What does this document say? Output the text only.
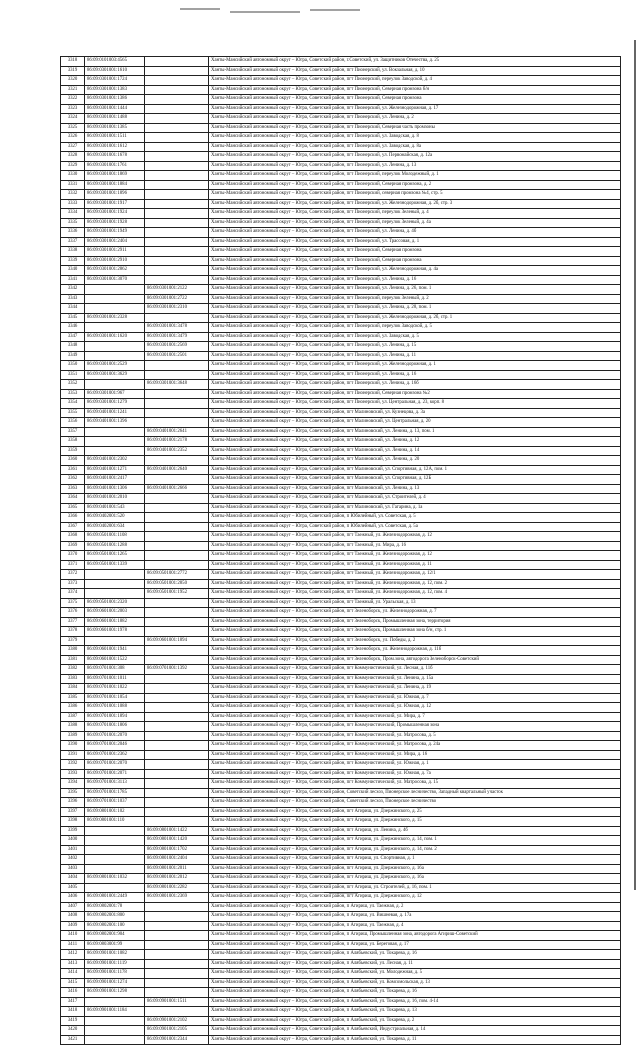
3318	86:09:0101003:4565		Ханты-Мансийский автономный округ – Югра, Советский район, г.Советский, ул. Защитников Отечества, д. 25
3319	86:09:0301001:1610		Ханты-Мансийский автономный округ – Югра, Советский район, пгт Пионерский, ул. Вокзальная, д. 10
3320	86:09:0301001:1724		Ханты-Мансийский автономный округ – Югра, Советский район, пгт Пионерский, переулок Заводской, д. 4
3321	86:09:0301001:1383		Ханты-Мансийский автономный округ – Югра, Советский район, пгт Пионерский, Северная промзона б/н
3322	86:09:0301001:1386		Ханты-Мансийский автономный округ – Югра, Советский район, пгт Пионерский, Северная промзона
3323	86:09:0301001:1444		Ханты-Мансийский автономный округ – Югра, Советский район, пгт Пионерский, ул. Железнодорожная, д. 17
3324	86:09:0301001:1488		Ханты-Мансийский автономный округ – Югра, Советский район, пгт Пионерский, ул. Ленина, д. 2
3325	86:09:0301001:1385		Ханты-Мансийский автономный округ – Югра, Советский район, пгт Пионерский, Северная часть промзоны
3326	86:09:0301001:1511		Ханты-Мансийский автономный округ – Югра, Советский район, пгт Пионерский, ул. Заводская, д. 8
3327	86:09:0301001:1612		Ханты-Мансийский автономный округ – Югра, Советский район, пгт Пионерский, ул. Заводская, д. 8а
3328	86:09:0301001:1678		Ханты-Мансийский автономный округ – Югра, Советский район, пгт Пионерский, ул. Первомайская, д. 12а
3329	86:09:0301001:1761		Ханты-Мансийский автономный округ – Югра, Советский район, пгт Пионерский, ул. Ленина, д. 13
3330	86:09:0301001:1869		Ханты-Мансийский автономный округ – Югра, Советский район, пгт Пионерский, переулок Молодежный, д. 1
3331	86:09:0301001:1884		Ханты-Мансийский автономный округ – Югра, Советский район, пгт Пионерский, Северная промзона, д. 2
3332	86:09:0301001:1896		Ханты-Мансийский автономный округ – Югра, Советский район, пгт Пионерский, северная промзона №4, стр. 5
3333	86:09:0301001:1917		Ханты-Мансийский автономный округ – Югра, Советский район, пгт Пионерский, ул. Железнодорожная, д. 2б, стр. 3
3334	86:09:0301001:1924		Ханты-Мансийский автономный округ – Югра, Советский район, пгт Пионерский, переулок Зеленый, д. 4
3335	86:09:0301001:1928		Ханты-Мансийский автономный округ – Югра, Советский район, пгт Пионерский, переулок Зеленый, д. 4а
3336	86:09:0301001:1949		Ханты-Мансийский автономный округ – Югра, Советский район, пгт Пионерский, ул. Ленина, д. 4б
3337	86:09:0301001:2404		Ханты-Мансийский автономный округ – Югра, Советский район, пгт Пионерский, ул. Трассовая, д. 1
3338	86:09:0301001:2911		Ханты-Мансийский автономный округ – Югра, Советский район, пгт Пионерский, Северная промзона
3339	86:09:0301001:2910		Ханты-Мансийский автономный округ – Югра, Советский район, пгт Пионерский, Северная промзона
3340	86:09:0301001:2862		Ханты-Мансийский автономный округ – Югра, Советский район, пгт Пионерский, ул. Железнодорожная, д. 4а
3341	86:09:0301001:3070		Ханты-Мансийский автономный округ – Югра, Советский район, пгт Пионерский, ул. Ленина, д. 16
3342		86:09:0301001:2122	Ханты-Мансийский автономный округ – Югра, Советский район, пгт Пионерский, ул. Ленина, д. 26, пом. 1
3343		86:09:0301001:2722	Ханты-Мансийский автономный округ – Югра, Советский район, пгт Пионерский, переулок Зеленый, д. 2
3344		86:09:0301001:2310	Ханты-Мансийский автономный округ – Югра, Советский район, пгт Пионерский, ул. Ленина, д. 28, пом. 1
3345	86:09:0301001:2328		Ханты-Мансийский автономный округ – Югра, Советский район, пгт Пионерский, ул. Железнодорожная, д. 2б, стр. 1
3346		86:09:0301001:3478	Ханты-Мансийский автономный округ – Югра, Советский район, пгт Пионерский, переулок Заводской, д. 5
3347	86:09:0301001:1620	86:09:0301001:3479	Ханты-Мансийский автономный округ – Югра, Советский район, пгт Пионерский, ул. Заводская, д. 5
3348		86:09:0301001:2569	Ханты-Мансийский автономный округ – Югра, Советский район, пгт Пионерский, ул. Ленина, д. 15
3349		86:09:0301001:2501	Ханты-Мансийский автономный округ – Югра, Советский район, пгт Пионерский, ул. Ленина, д. 11
3350	86:09:0301001:2529		Ханты-Мансийский автономный округ – Югра, Советский район, пгт Пионерский, ул. Железнодорожная, д. 1
3351	86:09:0301001:3629		Ханты-Мансийский автономный округ – Югра, Советский район, пгт Пионерский, ул. Ленина, д. 16
3352		86:09:0301001:3648	Ханты-Мансийский автономный округ – Югра, Советский район, пгт Пионерский, ул. Ленина, д. 16б
3353	86:09:0301001:967		Ханты-Мансийский автономный округ – Югра, Советский район, пгт Пионерский, Северная промзона №2
3354	86:09:0301001:1279		Ханты-Мансийский автономный округ – Югра, Советский район, пгт Пионерский, ул. Центральная, д. 23, корп. 8
3355	86:09:0401001:1241		Ханты-Мансийский автономный округ – Югра, Советский район, пгт Малиновский, ул. Кузнецова, д. 3а
3356	86:09:0401001:1396		Ханты-Мансийский автономный округ – Югра, Советский район, пгт Малиновский, ул. Центральная, д. 20
3357		86:09:0401001:2641	Ханты-Мансийский автономный округ – Югра, Советский район, пгт Малиновский, ул. Ленина, д. 13, пом. 1
3358		86:09:0401001:2178	Ханты-Мансийский автономный округ – Югра, Советский район, пгт Малиновский, ул. Ленина, д. 12
3359		86:09:0401001:2352	Ханты-Мансийский автономный округ – Югра, Советский район, пгт Малиновский, ул. Ленина, д. 14
3360	86:09:0401001:2302		Ханты-Мансийский автономный округ – Югра, Советский район, пгт Малиновский, ул. Ленина, д. 20
3361	86:09:0401001:1271	86:09:0401001:2640	Ханты-Мансийский автономный округ – Югра, Советский район, пгт Малиновский, ул. Спортивная, д. 12А, пом. 1
3362	86:09:0401001:2417		Ханты-Мансийский автономный округ – Югра, Советский район, пгт Малиновский, ул. Спортивная, д. 12Б
3363	86:09:0401001:1306	86:09:0401001:2666	Ханты-Мансийский автономный округ – Югра, Советский район, пгт Малиновский, ул. Ленина, д. 13
3364	86:09:0401001:2010		Ханты-Мансийский автономный округ – Югра, Советский район, пгт Малиновский, ул. Строителей, д. 4
3365	86:09:0401001:543		Ханты-Мансийский автономный округ – Югра, Советский район, пгт Малиновский, ул. Гагарина, д. 1а
3366	86:09:0402001:520		Ханты-Мансийский автономный округ – Югра, Советский район, п Юбилейный, ул. Советская, д. 5
3367	86:09:0402001:634		Ханты-Мансийский автономный округ – Югра, Советский район, п Юбилейный, ул. Советская, д. 5а
3368	86:09:0501001:1108		Ханты-Мансийский автономный округ – Югра, Советский район, пгт Таежный, ул. Железнодорожная, д. 12
3369	86:09:0501001:1288		Ханты-Мансийский автономный округ – Югра, Советский район, пгт Таежный, ул. Мира, д. 16
3370	86:09:0501001:1265		Ханты-Мансийский автономный округ – Югра, Советский район, пгт Таежный, ул. Железнодорожная, д. 12
3371	86:09:0501001:1339		Ханты-Мансийский автономный округ – Югра, Советский район, пгт Таежный, ул. Железнодорожная, д. 11
3372		86:09:0501001:2772	Ханты-Мансийский автономный округ – Югра, Советский район, пгт Таежный, ул. Железнодорожная, д. 12/1
3373		86:09:0501001:2850	Ханты-Мансийский автономный округ – Югра, Советский район, пгт Таежный, ул. Железнодорожная, д. 12, пом. 2
3374		86:09:0501001:1952	Ханты-Мансийский автономный округ – Югра, Советский район, пгт Таежный, ул. Железнодорожная, д. 12, пом. 4
3375	86:09:0501001:2320		Ханты-Мансийский автономный округ – Югра, Советский район, пгт Таежный, ул. Уральская, д. 13
3376	86:09:0601001:2003		Ханты-Мансийский автономный округ – Югра, Советский район, пгт Зеленоборск, ул. Железнодорожная, д. 7
3377	86:09:0601001:1882		Ханты-Мансийский автономный округ – Югра, Советский район, пгт Зеленоборск, Промышленная зона, территория
3378	86:09:0601001:1978		Ханты-Мансийский автономный округ – Югра, Советский район, пгт Зеленоборск, Промышленная зона б/н, стр. 1
3379		86:09:0601001:1894	Ханты-Мансийский автономный округ – Югра, Советский район, пгт Зеленоборск, ул. Победы, д. 2
3380	86:09:0601001:1941		Ханты-Мансийский автономный округ – Югра, Советский район, пгт Зеленоборск, ул. Железнодорожная, д. 11б
3381	86:09:0601001:1522		Ханты-Мансийский автономный округ – Югра, Советский район, пгт Зеленоборск, Пром.зона, автодорога Зеленоборск-Советский
3382	86:09:0701001:308	86:09:0701001:1392	Ханты-Мансийский автономный округ – Югра, Советский район, пгт Коммунистический, ул. Лесная, д. 11б
3383	86:09:0701001:1011		Ханты-Мансийский автономный округ – Югра, Советский район, пгт Коммунистический, ул. Ленина, д. 15а
3384	86:09:0701001:1022		Ханты-Мансийский автономный округ – Югра, Советский район, пгт Коммунистический, ул. Ленина, д. 19
3385	86:09:0701001:1054		Ханты-Мансийский автономный округ – Югра, Советский район, пгт Коммунистический, ул. Южная, д. 7
3386	86:09:0701001:1088		Ханты-Мансийский автономный округ – Югра, Советский район, пгт Коммунистический, ул. Южная, д. 12
3387	86:09:0701001:1894		Ханты-Мансийский автономный округ – Югра, Советский район, пгт Коммунистический, ул. Мира, д. 7
3388	86:09:0701001:1806		Ханты-Мансийский автономный округ – Югра, Советский район, пгт Коммунистический, Промышленная зона
3389	86:09:0701001:2070		Ханты-Мансийский автономный округ – Югра, Советский район, пгт Коммунистический, ул. Матросова, д. 5
3390	86:09:0701001:2046		Ханты-Мансийский автономный округ – Югра, Советский район, пгт Коммунистический, ул. Матросова, д. 24а
3391	86:09:0701001:2362		Ханты-Мансийский автономный округ – Югра, Советский район, пгт Коммунистический, ул. Мира, д. 16
3392	86:09:0701001:2070		Ханты-Мансийский автономный округ – Югра, Советский район, пгт Коммунистический, ул. Южная, д. 1
3393	86:09:0701001:2071		Ханты-Мансийский автономный округ – Югра, Советский район, пгт Коммунистический, ул. Южная, д. 7а
3394	86:09:0701001:3113		Ханты-Мансийский автономный округ – Югра, Советский район, пгт Коммунистический, ул. Матросова, д. 15
3395	86:09:0701001:1785		Ханты-Мансийский автономный округ – Югра, Советский район, Советский лесхоз, Пионерское лесничество, Западный квартальный участок
3396	86:09:0701001:1037		Ханты-Мансийский автономный округ – Югра, Советский район, Советский лесхоз, Пионерское лесничество
3397	86:09:0801001:102		Ханты-Мансийский автономный округ – Югра, Советский район, пгт Агириш, ул. Дзержинского, д. 25
3398	86:09:0801001:110		Ханты-Мансийский автономный округ – Югра, Советский район, пгт Агириш, ул. Дзержинского, д. 15
3399		86:09:0801001:1422	Ханты-Мансийский автономный округ – Югра, Советский район, пгт Агириш, ул. Ленина, д. 4б
3400		86:09:0801001:1420	Ханты-Мансийский автономный округ – Югра, Советский район, пгт Агириш, ул. Дзержинского, д. 14, пом. 1
3401		86:09:0801001:1702	Ханты-Мансийский автономный округ – Югра, Советский район, пгт Агириш, ул. Дзержинского, д. 14, пом. 2
3402		86:09:0801001:2404	Ханты-Мансийский автономный округ – Югра, Советский район, пгт Агириш, ул. Спортивная, д. 1
3403		86:09:0801001:2011	Ханты-Мансийский автономный округ – Югра, Советский район, пгт Агириш, ул. Дзержинского, д. 16а
3404	86:09:0801001:1032	86:09:0801001:2012	Ханты-Мансийский автономный округ – Югра, Советский район, пгт Агириш, ул. Дзержинского, д. 16а
3405		86:09:0801001:2282	Ханты-Мансийский автономный округ – Югра, Советский район, пгт Агириш, ул. Строителей, д. 16, пом. 1
3406	86:09:0801001:2449	86:09:0801001:2369	Ханты-Мансийский автономный округ – Югра, Советский район, пгт Агириш, ул. Дзержинского, д. 12
3407	86:09:0802001:78		Ханты-Мансийский автономный округ – Югра, Советский район, п Агириш, ул. Таежная, д. 2
3408	86:09:0802001:800		Ханты-Мансийский автономный округ – Югра, Советский район, п Агириш, ул. Вишневая, д. 17а
3409	86:09:0802001:100		Ханты-Мансийский автономный округ – Югра, Советский район, п Агириш, ул. Таежная, д. 4
3410	86:09:0802001:904		Ханты-Мансийский автономный округ – Югра, Советский район, п Агириш, Промышленная зона, автодорога Агириш-Советский
3411	86:09:0803001:99		Ханты-Мансийский автономный округ – Югра, Советский район, п Агириш, ул. Береговая, д. 17
3412	86:09:0901001:1082		Ханты-Мансийский автономный округ – Югра, Советский район, п Алябьевский, ул. Токарева, д. 16
3413	86:09:0901001:1119		Ханты-Мансийский автономный округ – Югра, Советский район, п Алябьевский, ул. Лесная, д. 11
3414	86:09:0901001:1178		Ханты-Мансийский автономный округ – Югра, Советский район, п Алябьевский, ул. Молодежная, д. 5
3415	86:09:0901001:1274		Ханты-Мансийский автономный округ – Югра, Советский район, п Алябьевский, ул. Комсомольская, д. 13
3416	86:09:0901001:1298		Ханты-Мансийский автономный округ – Югра, Советский район, п Алябьевский, ул. Токарева, д. 16
3417		86:09:0901001:1511	Ханты-Мансийский автономный округ – Югра, Советский район, п Алябьевский, ул. Токарева, д. 16, пом. 4-14
3418	86:09:0901001:1184		Ханты-Мансийский автономный округ – Югра, Советский район, п Алябьевский, ул. Токарева, д. 13
3419		86:09:0901001:2102	Ханты-Мансийский автономный округ – Югра, Советский район, п Алябьевский, ул. Токарева, д. 2
3420		86:09:0901001:2105	Ханты-Мансийский автономный округ – Югра, Советский район, п Алябьевский, Индустриальная, д. 14
3421		86:09:0901001:2344	Ханты-Мансийский автономный округ – Югра, Советский район, п Алябьевский, ул. Токарева, д. 11
